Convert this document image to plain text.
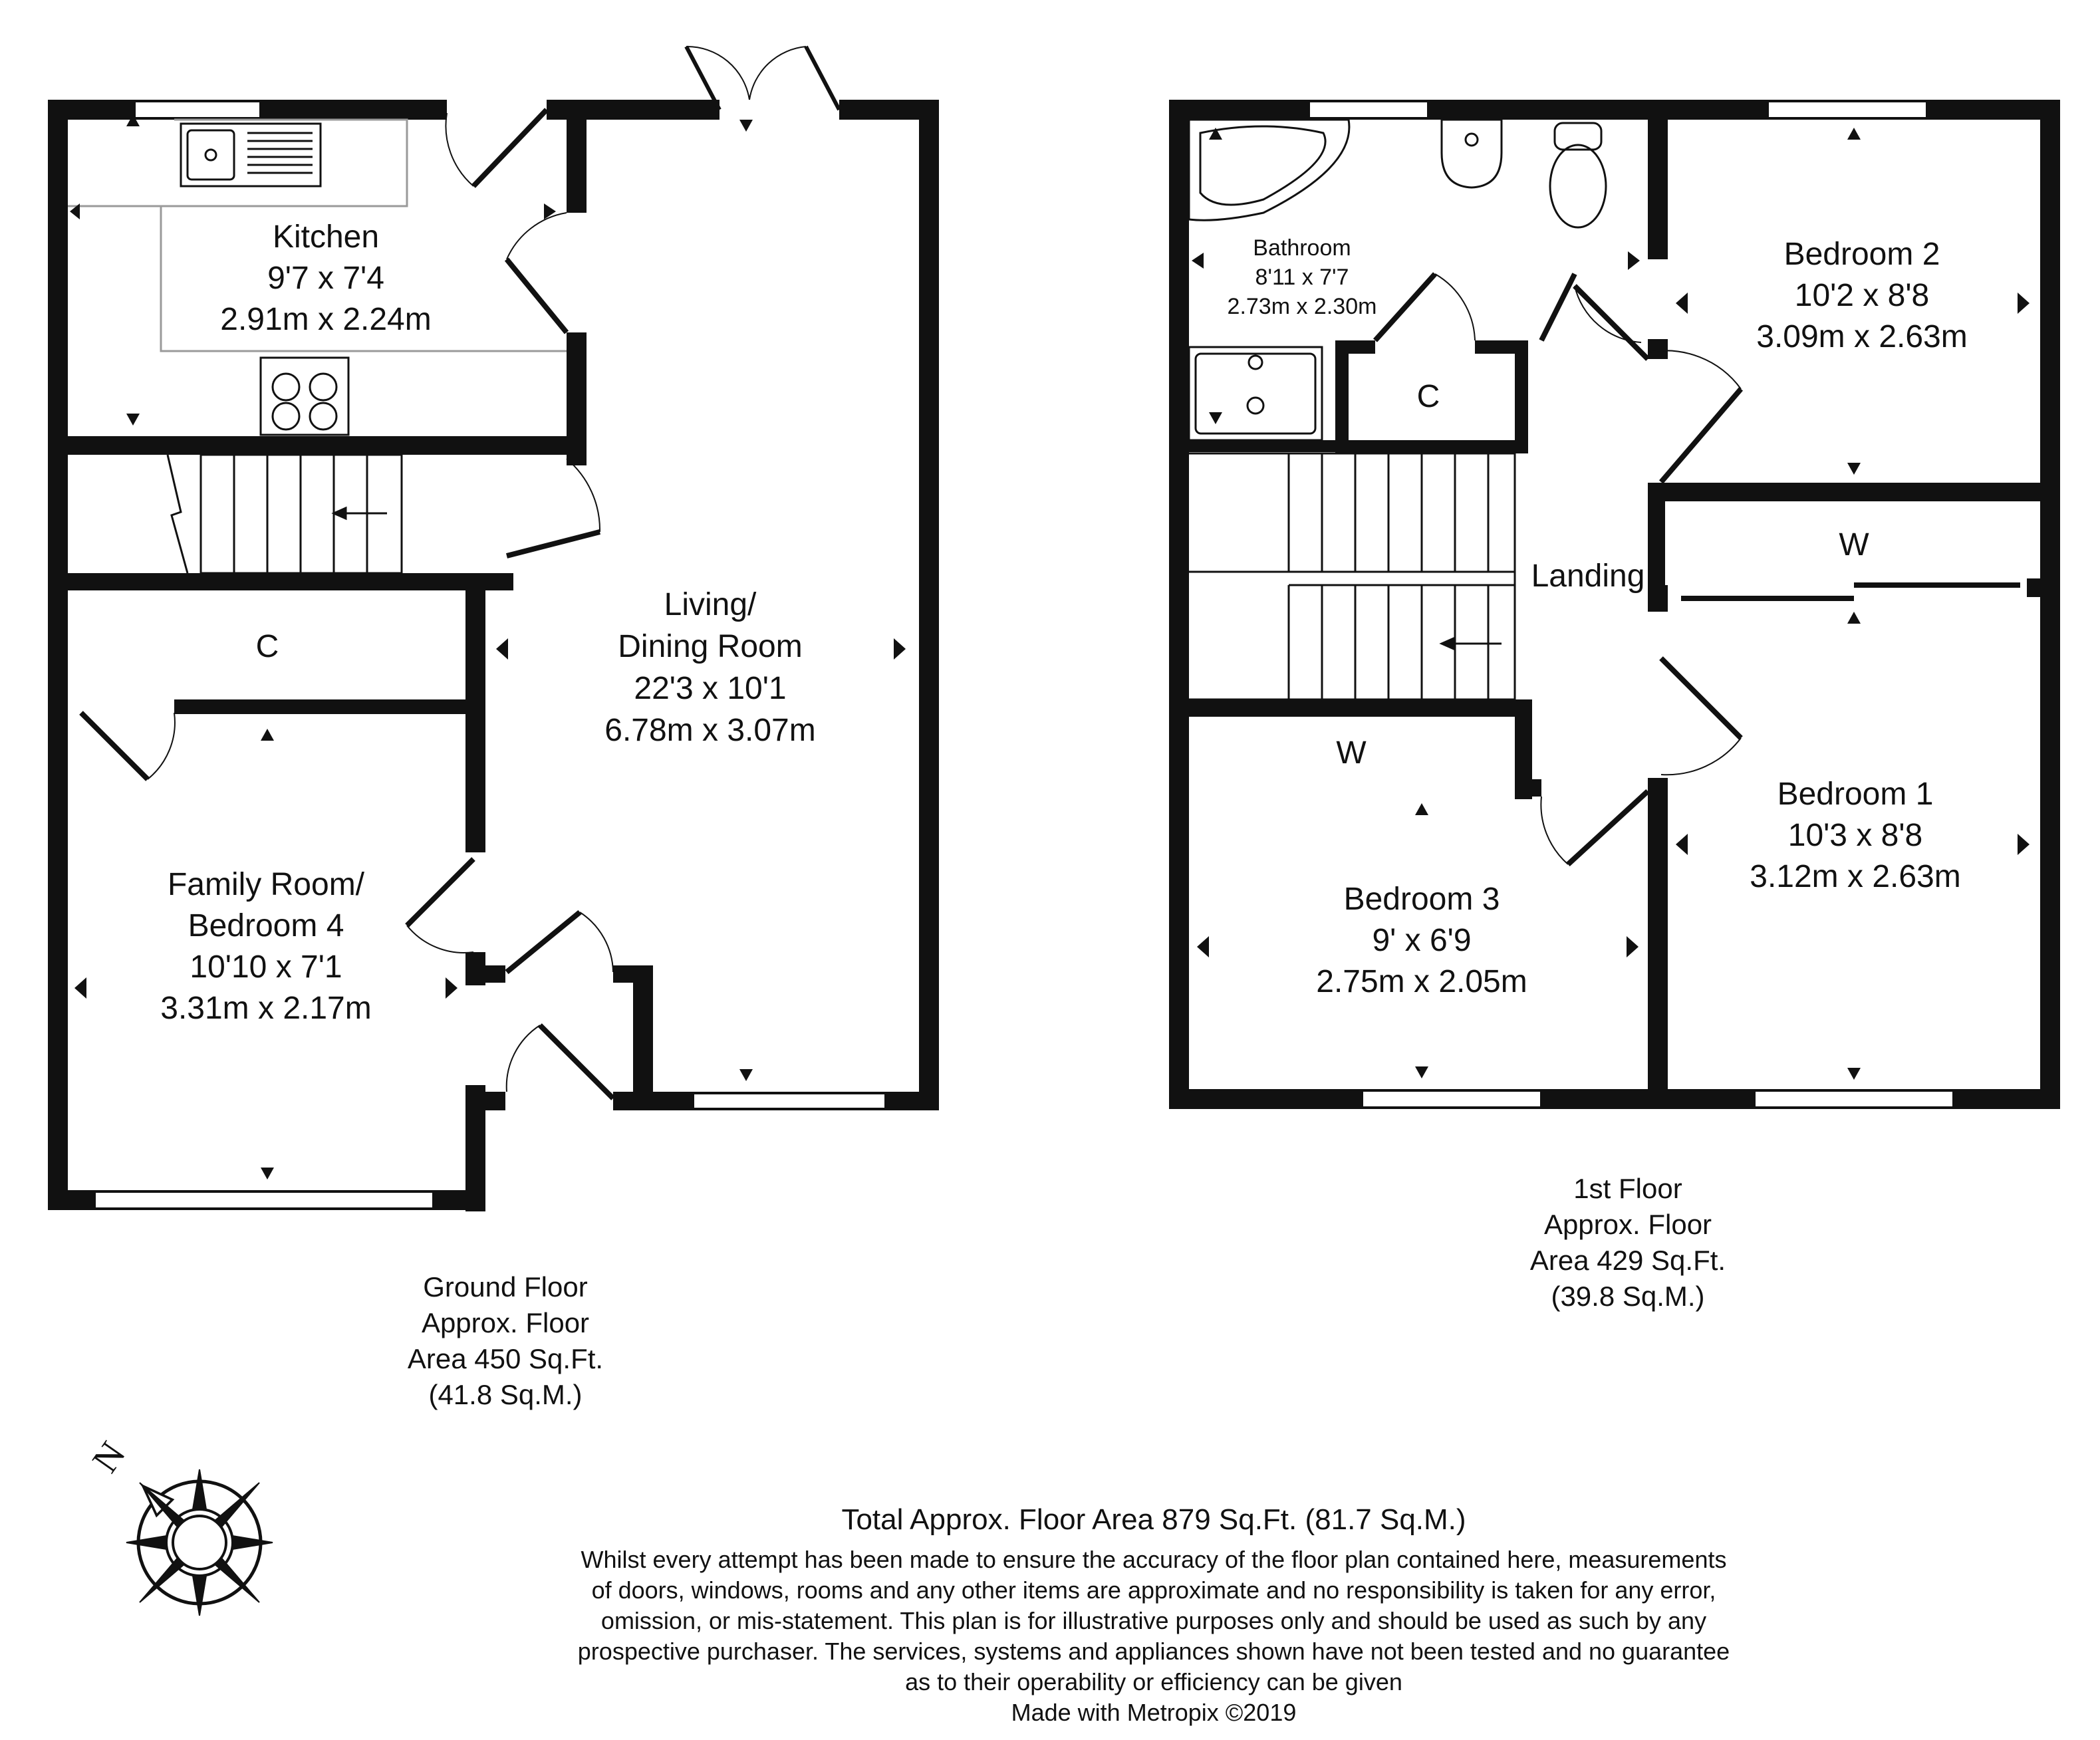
Kitchen
9'7 x 7'4
2.91m x 2.24m
Living/
Dining Room
22'3 x 10'1
6.78m x 3.07m
C
Family Room/
Bedroom 4
10'10 x 7'1
3.31m x 2.17m
Ground Floor
Approx. Floor
Area 450 Sq.Ft.
(41.8 Sq.M.)
Bathroom
8'11 x 7'7
2.73m x 2.30m
C
Bedroom 2
10'2 x 8'8
3.09m x 2.63m
W
Landing
Bedroom 1
10'3 x 8'8
3.12m x 2.63m
W
Bedroom 3
9' x 6'9
2.75m x 2.05m
1st Floor
Approx. Floor
Area 429 Sq.Ft.
(39.8 Sq.M.)
N
Total Approx. Floor Area 879 Sq.Ft. (81.7 Sq.M.)
Whilst every attempt has been made to ensure the accuracy of the floor plan contained here, measurements
of doors, windows, rooms and any other items are approximate and no responsibility is taken for any error,
omission, or mis-statement. This plan is for illustrative purposes only and should be used as such by any
prospective purchaser. The services, systems and appliances shown have not been tested and no guarantee
as to their operability or efficiency can be given
Made with Metropix ©2019
